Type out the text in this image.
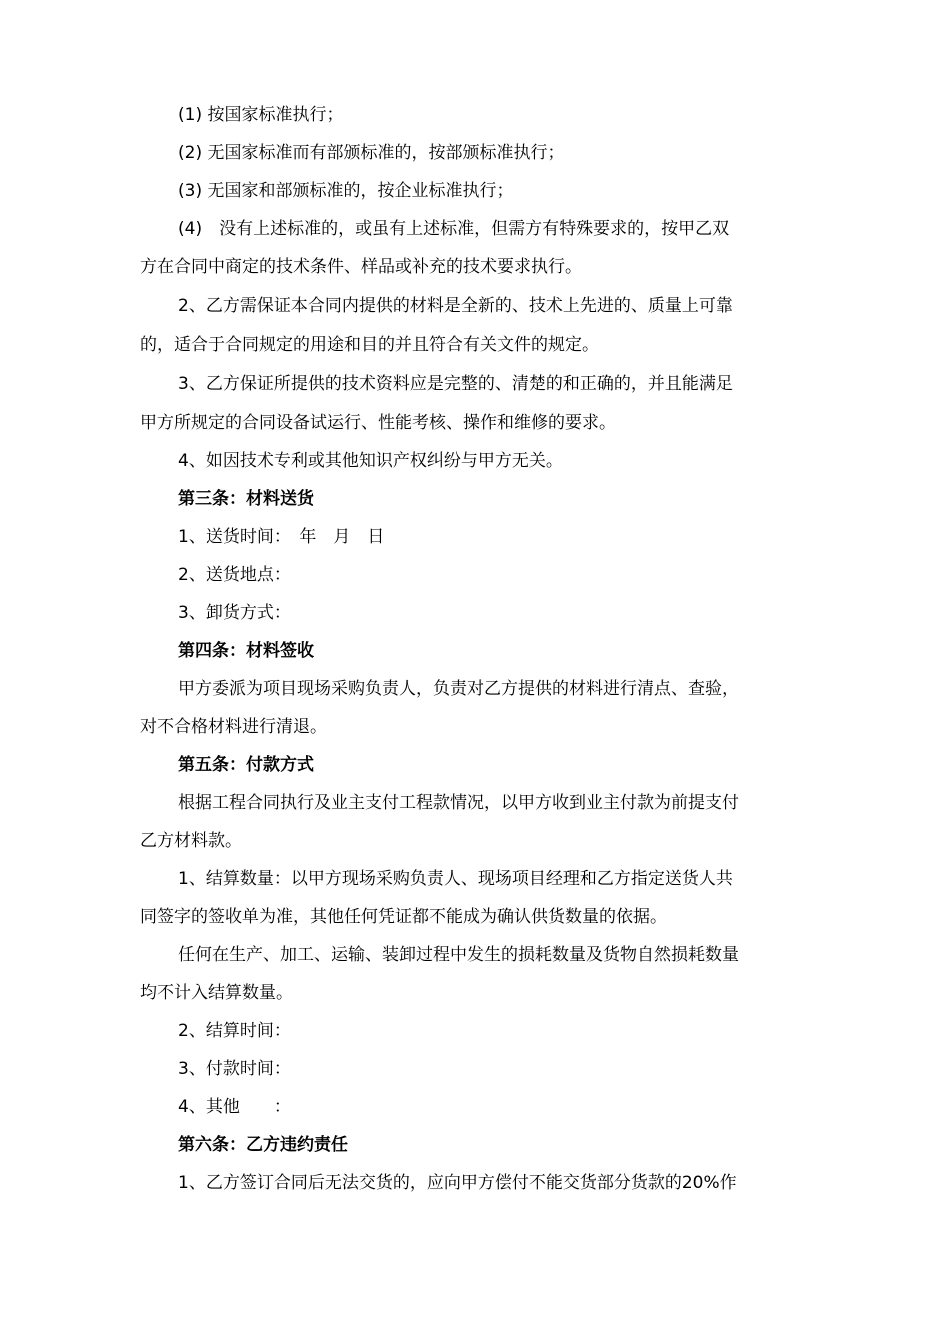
(1) 按国家标准执行；
(2) 无国家标准而有部颁标准的，按部颁标准执行；
(3) 无国家和部颁标准的，按企业标准执行；
(4)　没有上述标准的，或虽有上述标准，但需方有特殊要求的，按甲乙双
方在合同中商定的技术条件、样品或补充的技术要求执行。
2、乙方需保证本合同内提供的材料是全新的、技术上先进的、质量上可靠
的，适合于合同规定的用途和目的并且符合有关文件的规定。
3、乙方保证所提供的技术资料应是完整的、清楚的和正确的，并且能满足
甲方所规定的合同设备试运行、性能考核、操作和维修的要求。
4、如因技术专利或其他知识产权纠纷与甲方无关。
第三条：材料送货
1、送货时间：　年　月　日
2、送货地点：
3、卸货方式：
第四条：材料签收
甲方委派为项目现场采购负责人，负责对乙方提供的材料进行清点、查验，
对不合格材料进行清退。
第五条：付款方式
根据工程合同执行及业主支付工程款情况，以甲方收到业主付款为前提支付
乙方材料款。
1、结算数量：以甲方现场采购负责人、现场项目经理和乙方指定送货人共
同签字的签收单为准，其他任何凭证都不能成为确认供货数量的依据。
任何在生产、加工、运输、装卸过程中发生的损耗数量及货物自然损耗数量
均不计入结算数量。
2、结算时间：
3、付款时间：
4、其他　　：
第六条：乙方违约责任
1、乙方签订合同后无法交货的，应向甲方偿付不能交货部分货款的20%作
